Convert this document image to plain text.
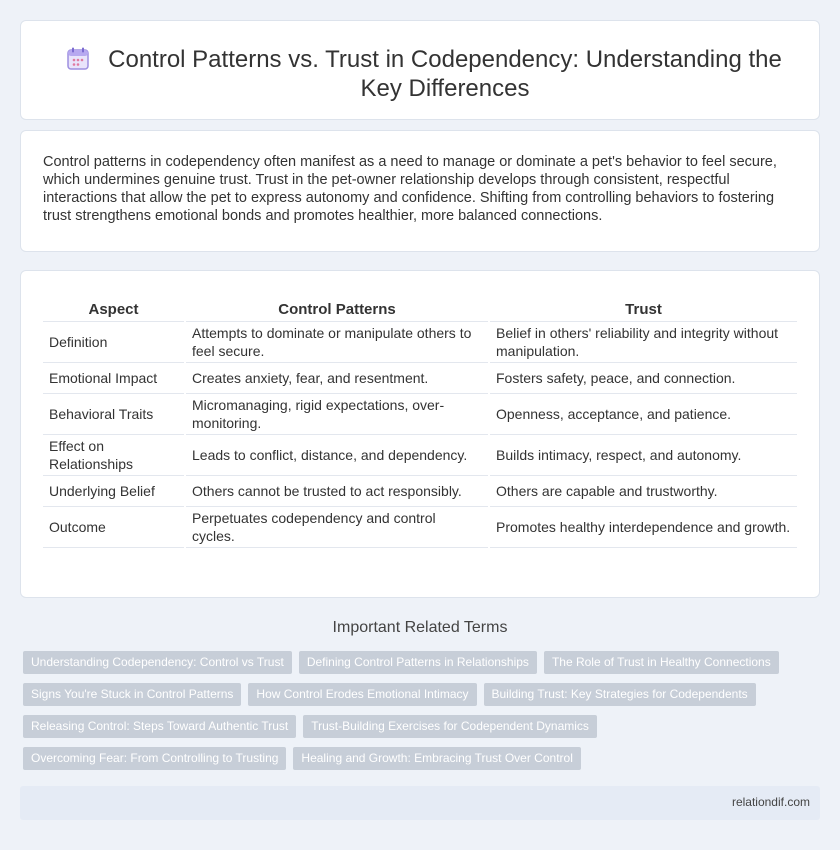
Control Patterns vs. Trust in Codependency: Understanding the Key Differences

Control patterns in codependency often manifest as a need to manage or dominate a pet's behavior to feel secure, which undermines genuine trust. Trust in the pet-owner relationship develops through consistent, respectful interactions that allow the pet to express autonomy and confidence. Shifting from controlling behaviors to fostering trust strengthens emotional bonds and promotes healthier, more balanced connections.

Aspect	Control Patterns	Trust
Definition	Attempts to dominate or manipulate others to feel secure.	Belief in others' reliability and integrity without manipulation.
Emotional Impact	Creates anxiety, fear, and resentment.	Fosters safety, peace, and connection.
Behavioral Traits	Micromanaging, rigid expectations, over-monitoring.	Openness, acceptance, and patience.
Effect on Relationships	Leads to conflict, distance, and dependency.	Builds intimacy, respect, and autonomy.
Underlying Belief	Others cannot be trusted to act responsibly.	Others are capable and trustworthy.
Outcome	Perpetuates codependency and control cycles.	Promotes healthy interdependence and growth.
Important Related Terms
Understanding Codependency: Control vs Trust	Defining Control Patterns in Relationships	The Role of Trust in Healthy Connections
Signs You're Stuck in Control Patterns	How Control Erodes Emotional Intimacy	Building Trust: Key Strategies for Codependents
Releasing Control: Steps Toward Authentic Trust	Trust-Building Exercises for Codependent Dynamics
Overcoming Fear: From Controlling to Trusting	Healing and Growth: Embracing Trust Over Control
relationdif.com
